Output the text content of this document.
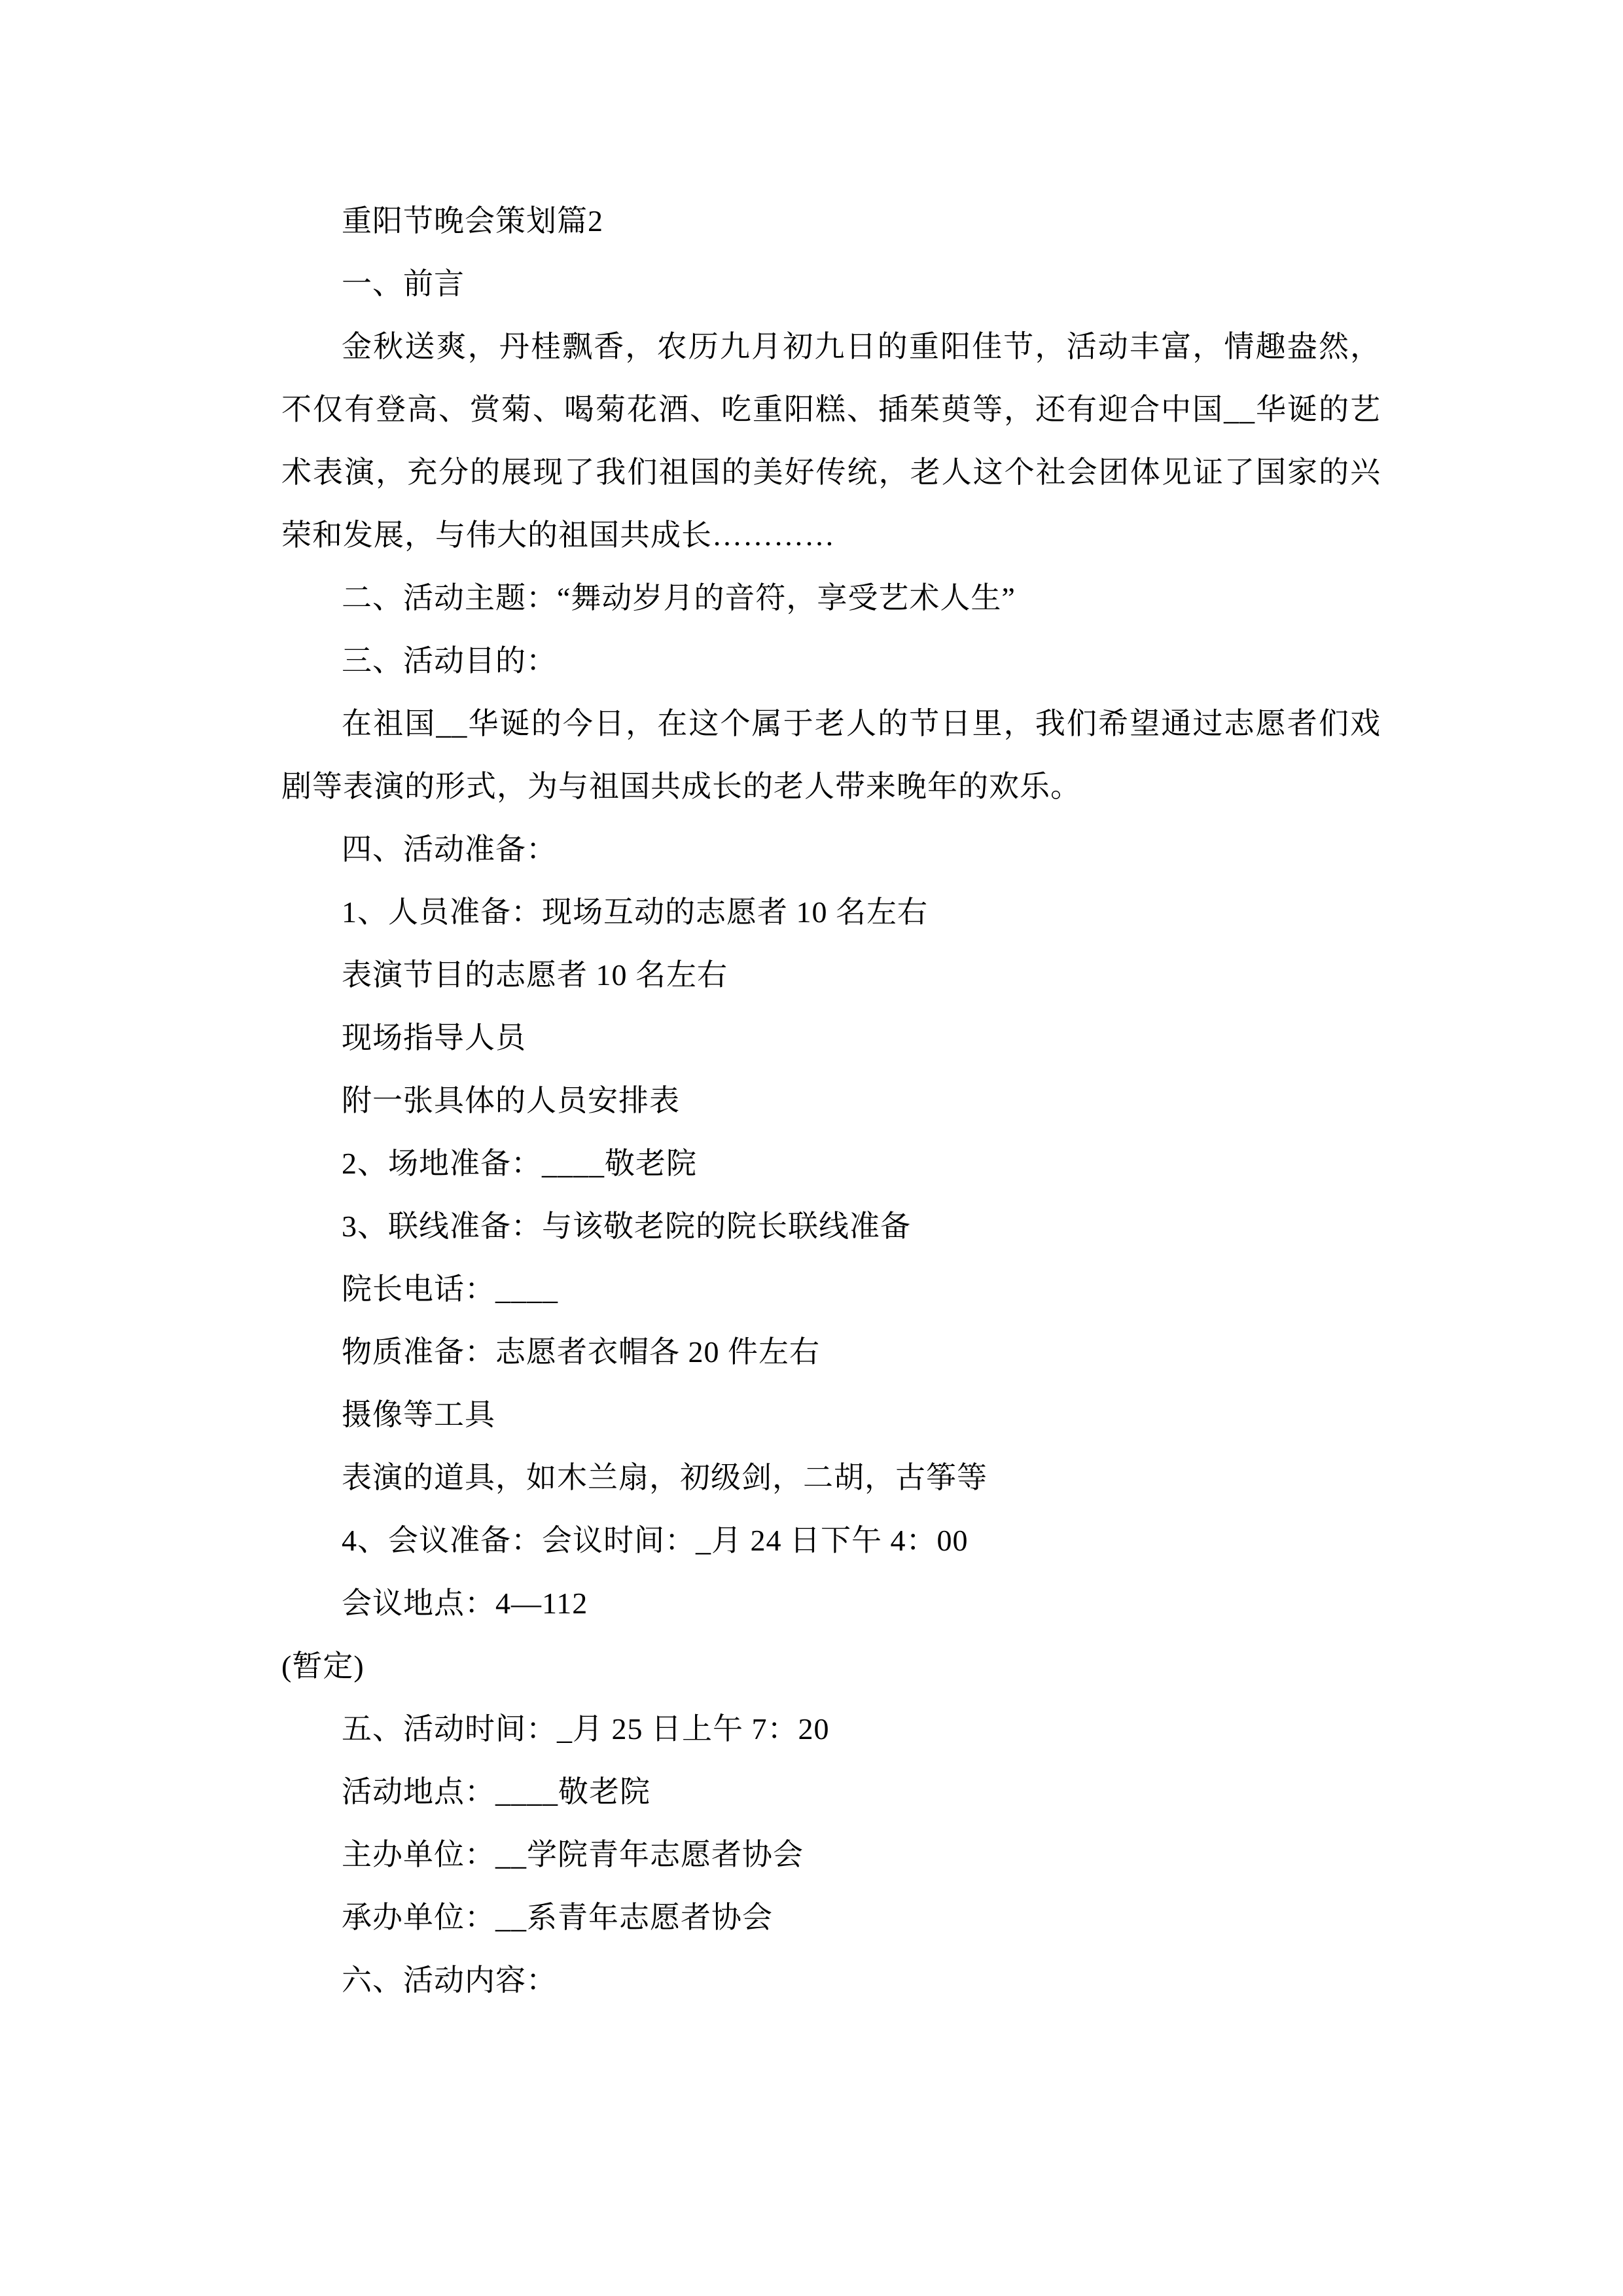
重阳节晚会策划篇2
一、前言
金秋送爽，丹桂飘香，农历九月初九日的重阳佳节，活动丰富，情趣盎然，不仅有登高、赏菊、喝菊花酒、吃重阳糕、插茱萸等，还有迎合中国__华诞的艺术表演，充分的展现了我们祖国的美好传统，老人这个社会团体见证了国家的兴荣和发展，与伟大的祖国共成长…………
二、活动主题：“舞动岁月的音符，享受艺术人生”
三、活动目的：
在祖国__华诞的今日，在这个属于老人的节日里，我们希望通过志愿者们戏剧等表演的形式，为与祖国共成长的老人带来晚年的欢乐。
四、活动准备：
1、人员准备：现场互动的志愿者 10 名左右
表演节目的志愿者 10 名左右
现场指导人员
附一张具体的人员安排表
2、场地准备：____敬老院
3、联线准备：与该敬老院的院长联线准备
院长电话：____
物质准备：志愿者衣帽各 20 件左右
摄像等工具
表演的道具，如木兰扇，初级剑，二胡，古筝等
4、会议准备：会议时间：_月 24 日下午 4：00
会议地点：4—112
(暂定)
五、活动时间：_月 25 日上午 7：20
活动地点：____敬老院
主办单位：__学院青年志愿者协会
承办单位：__系青年志愿者协会
六、活动内容：
